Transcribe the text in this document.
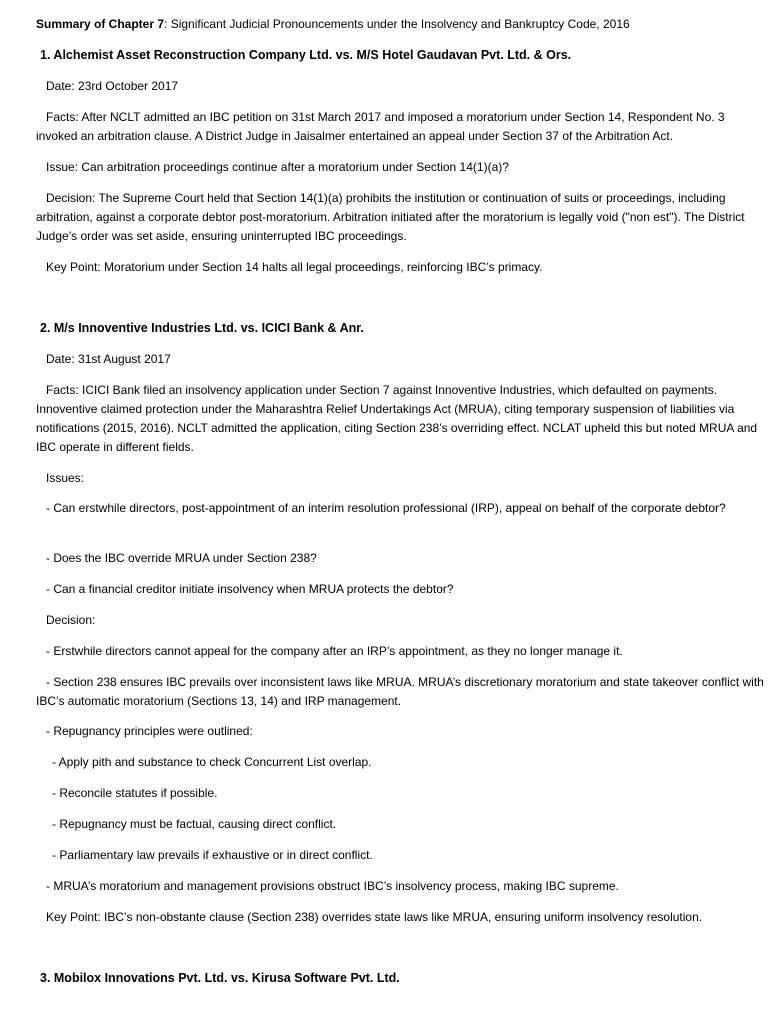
Summary of Chapter 7: Significant Judicial Pronouncements under the Insolvency and Bankruptcy Code, 2016
1. Alchemist Asset Reconstruction Company Ltd. vs. M/S Hotel Gaudavan Pvt. Ltd. & Ors.
Date: 23rd October 2017
Facts: After NCLT admitted an IBC petition on 31st March 2017 and imposed a moratorium under Section 14, Respondent No. 3 invoked an arbitration clause. A District Judge in Jaisalmer entertained an appeal under Section 37 of the Arbitration Act.
Issue: Can arbitration proceedings continue after a moratorium under Section 14(1)(a)?
Decision: The Supreme Court held that Section 14(1)(a) prohibits the institution or continuation of suits or proceedings, including arbitration, against a corporate debtor post-moratorium. Arbitration initiated after the moratorium is legally void ("non est"). The District Judge’s order was set aside, ensuring uninterrupted IBC proceedings.
Key Point: Moratorium under Section 14 halts all legal proceedings, reinforcing IBC’s primacy.
2. M/s Innoventive Industries Ltd. vs. ICICI Bank & Anr.
Date: 31st August 2017
Facts: ICICI Bank filed an insolvency application under Section 7 against Innoventive Industries, which defaulted on payments. Innoventive claimed protection under the Maharashtra Relief Undertakings Act (MRUA), citing temporary suspension of liabilities via notifications (2015, 2016). NCLT admitted the application, citing Section 238’s overriding effect. NCLAT upheld this but noted MRUA and IBC operate in different fields.
Issues:
- Can erstwhile directors, post-appointment of an interim resolution professional (IRP), appeal on behalf of the corporate debtor?
- Does the IBC override MRUA under Section 238?
- Can a financial creditor initiate insolvency when MRUA protects the debtor?
Decision:
- Erstwhile directors cannot appeal for the company after an IRP’s appointment, as they no longer manage it.
- Section 238 ensures IBC prevails over inconsistent laws like MRUA. MRUA’s discretionary moratorium and state takeover conflict with IBC’s automatic moratorium (Sections 13, 14) and IRP management.
- Repugnancy principles were outlined:
- Apply pith and substance to check Concurrent List overlap.
- Reconcile statutes if possible.
- Repugnancy must be factual, causing direct conflict.
- Parliamentary law prevails if exhaustive or in direct conflict.
- MRUA’s moratorium and management provisions obstruct IBC’s insolvency process, making IBC supreme.
Key Point: IBC’s non-obstante clause (Section 238) overrides state laws like MRUA, ensuring uniform insolvency resolution.
3. Mobilox Innovations Pvt. Ltd. vs. Kirusa Software Pvt. Ltd.
